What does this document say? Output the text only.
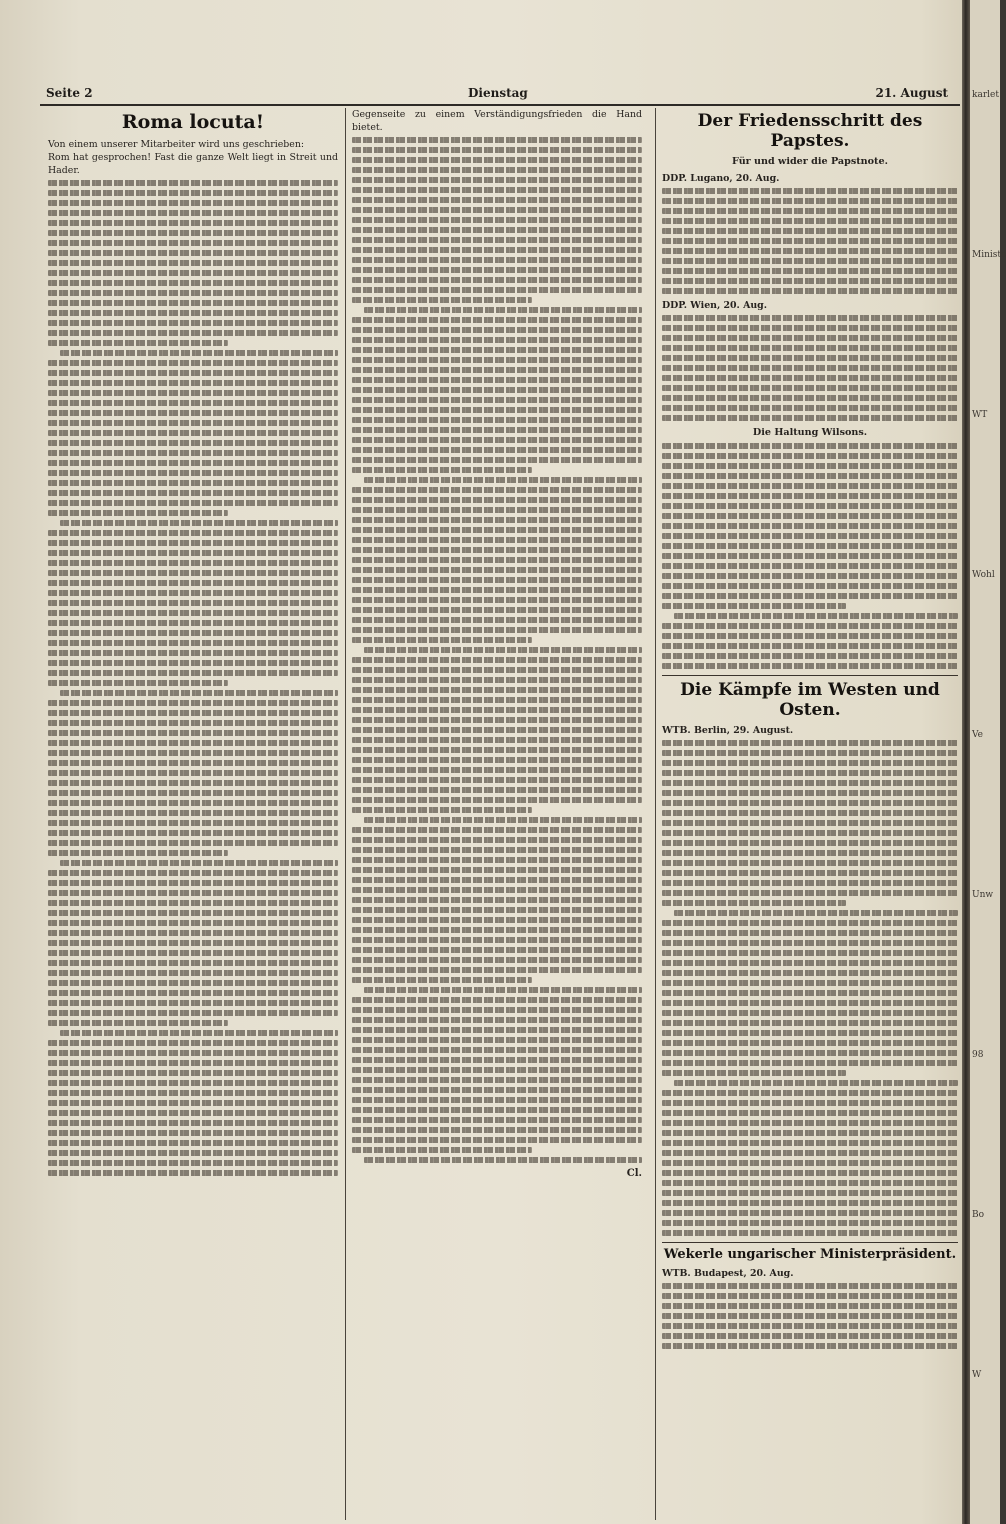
Seite 2	Dienstag	21. August
Roma locuta!

Von einem unserer Mitarbeiter wird uns geschrieben:

Rom hat gesprochen! Fast die ganze Welt liegt in Streit und Hader.

Gegenseite zu einem Verständigungsfrieden die Hand bietet.

Cl.
Der Friedensschritt des Papstes.
Für und wider die Papstnote.
DDP. Lugano, 20. Aug.
DDP. Wien, 20. Aug.
Die Haltung Wilsons.
Die Kämpfe im Westen und Osten.
WTB. Berlin, 29. August.
Wekerle ungarischer Ministerpräsident.
WTB. Budapest, 20. Aug.
karlet
Ministe
WT
Wohl
Ve
Unw
98
Bo
W
